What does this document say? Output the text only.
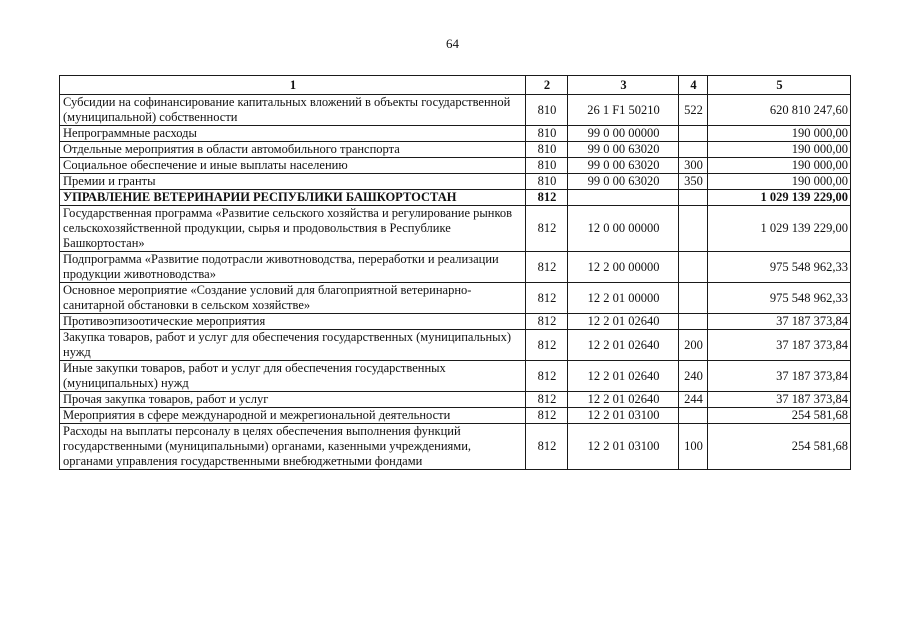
64
1	2	3	4	5
Субсидии на софинансирование капитальных вложений в объекты государственной (муниципальной) собственности	810	26 1 F1 50210	522	620 810 247,60
Непрограммные расходы	810	99 0 00 00000		190 000,00
Отдельные мероприятия в области автомобильного транспорта	810	99 0 00 63020		190 000,00
Социальное обеспечение и иные выплаты населению	810	99 0 00 63020	300	190 000,00
Премии и гранты	810	99 0 00 63020	350	190 000,00
УПРАВЛЕНИЕ ВЕТЕРИНАРИИ РЕСПУБЛИКИ БАШКОРТОСТАН	812			1 029 139 229,00
Государственная программа «Развитие сельского хозяйства и регулирование рынков сельскохозяйственной продукции, сырья и продовольствия в Республике Башкортостан»	812	12 0 00 00000		1 029 139 229,00
Подпрограмма «Развитие подотрасли животноводства, переработки и реализации продукции животноводства»	812	12 2 00 00000		975 548 962,33
Основное мероприятие «Создание условий для благоприятной ветеринарно-санитарной обстановки в сельском хозяйстве»	812	12 2 01 00000		975 548 962,33
Противоэпизоотические мероприятия	812	12 2 01 02640		37 187 373,84
Закупка товаров, работ и услуг для обеспечения государственных (муниципальных) нужд	812	12 2 01 02640	200	37 187 373,84
Иные закупки товаров, работ и услуг для обеспечения государственных (муниципальных) нужд	812	12 2 01 02640	240	37 187 373,84
Прочая закупка товаров, работ и услуг	812	12 2 01 02640	244	37 187 373,84
Мероприятия в сфере международной и межрегиональной деятельности	812	12 2 01 03100		254 581,68
Расходы на выплаты персоналу в целях обеспечения выполнения функций государственными (муниципальными) органами, казенными учреждениями, органами управления государственными внебюджетными фондами	812	12 2 01 03100	100	254 581,68
